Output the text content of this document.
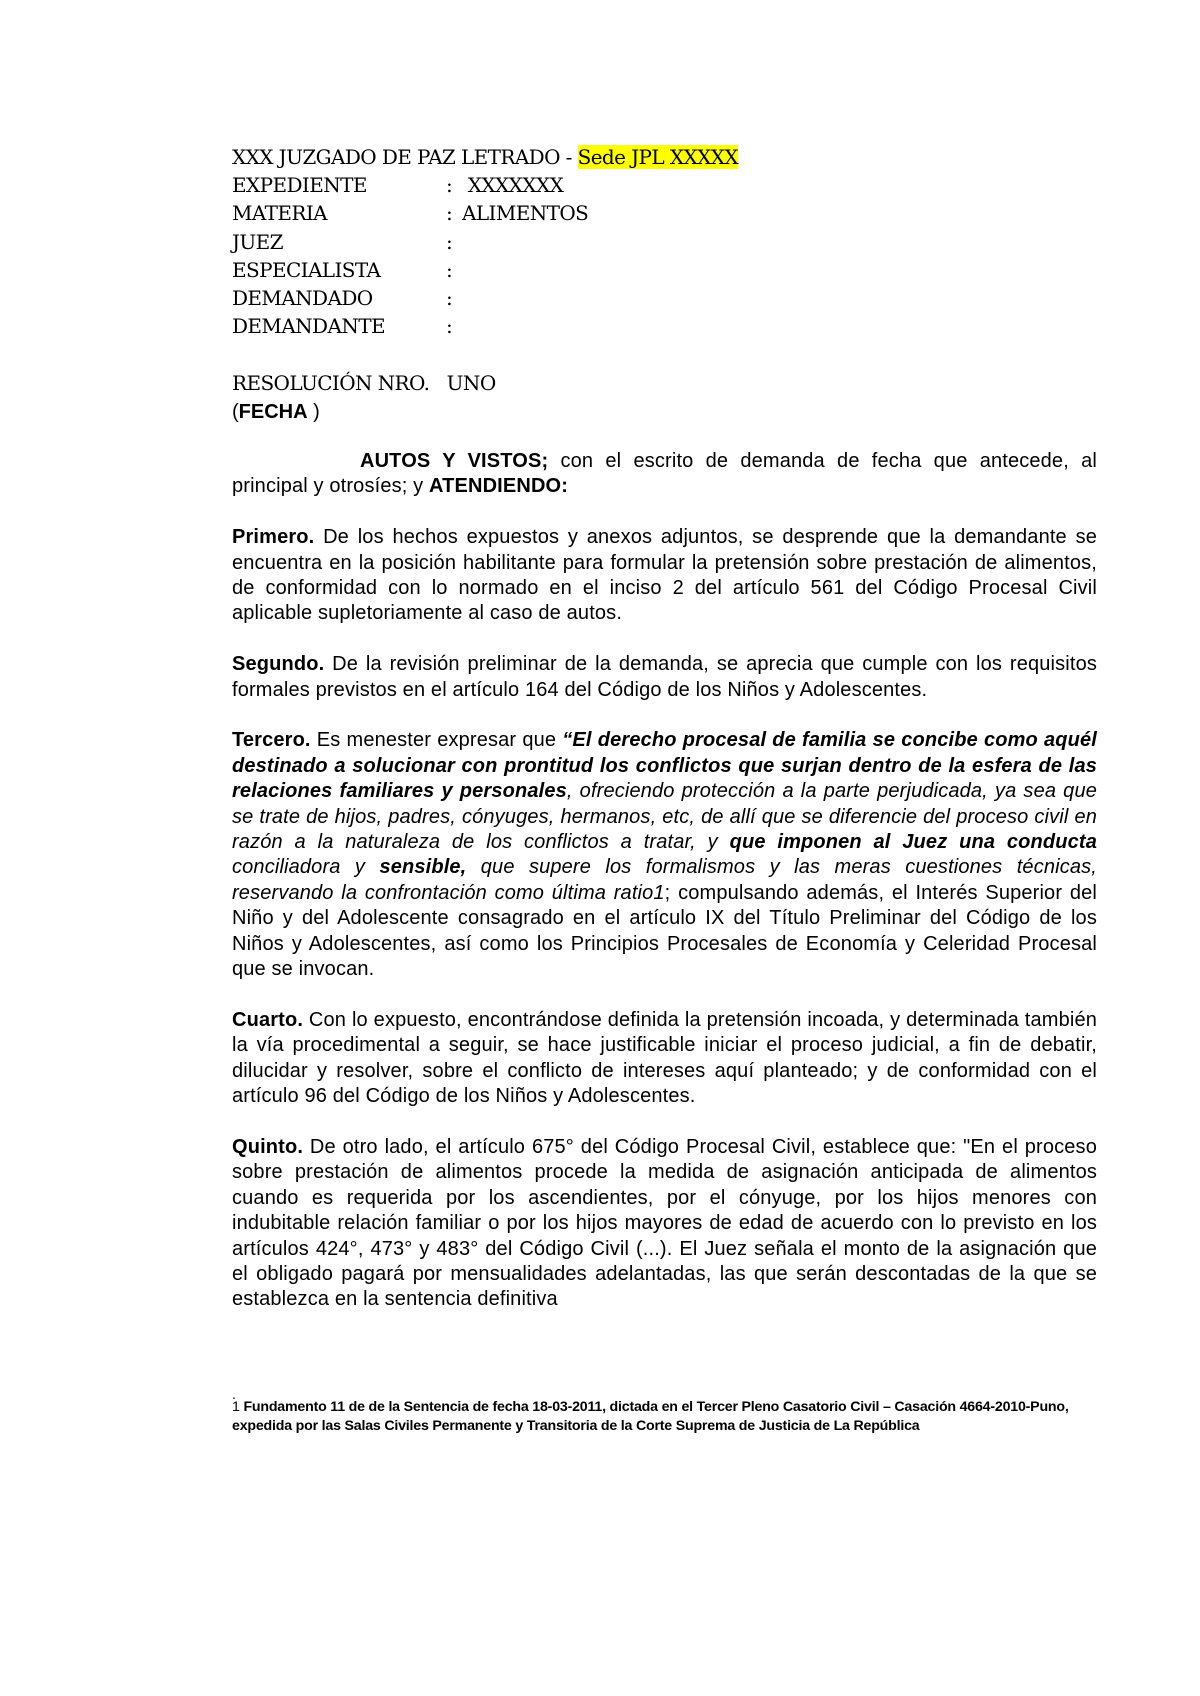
XXX JUZGADO DE PAZ LETRADO - Sede JPL XXXXX
EXPEDIENTE	: XXXXXXX
MATERIA	: ALIMENTOS
JUEZ	:
ESPECIALISTA	:
DEMANDADO	:
DEMANDANTE	:
RESOLUCIÓN NRO.   UNO
(FECHA )

AUTOS Y VISTOS; con el escrito de demanda de fecha que antecede, al principal y otrosíes; y ATENDIENDO:

Primero. De los hechos expuestos y anexos adjuntos, se desprende que la demandante se encuentra en la posición habilitante para formular la pretensión sobre prestación de alimentos, de conformidad con lo normado en el inciso 2 del artículo 561 del Código Procesal Civil aplicable supletoriamente al caso de autos.

Segundo. De la revisión preliminar de la demanda, se aprecia que cumple con los requisitos formales previstos en el artículo 164 del Código de los Niños y Adolescentes.

Tercero. Es menester expresar que “El derecho procesal de familia se concibe como aquél destinado a solucionar con prontitud los conflictos que surjan dentro de la esfera de las relaciones familiares y personales, ofreciendo protección a la parte perjudicada, ya sea que se trate de hijos, padres, cónyuges, hermanos, etc, de allí que se diferencie del proceso civil en razón a la naturaleza de los conflictos a tratar, y que imponen al Juez una conducta conciliadora y sensible, que supere los formalismos y las meras cuestiones técnicas, reservando la confrontación como última ratio1; compulsando además, el Interés Superior del Niño y del Adolescente consagrado en el artículo IX del Título Preliminar del Código de los Niños y Adolescentes, así como los Principios Procesales de Economía y Celeridad Procesal que se invocan.

Cuarto. Con lo expuesto, encontrándose definida la pretensión incoada, y determinada también la vía procedimental a seguir, se hace justificable iniciar el proceso judicial, a fin de debatir, dilucidar y resolver, sobre el conflicto de intereses aquí planteado; y de conformidad con el artículo 96 del Código de los Niños y Adolescentes.

Quinto. De otro lado, el artículo 675° del Código Procesal Civil, establece que: "En el proceso sobre prestación de alimentos procede la medida de asignación anticipada de alimentos cuando es requerida por los ascendientes, por el cónyuge, por los hijos menores con indubitable relación familiar o por los hijos mayores de edad de acuerdo con lo previsto en los artículos 424°, 473° y 483° del Código Civil (...). El Juez señala el monto de la asignación que el obligado pagará por mensualidades adelantadas, las que serán descontadas de la que se establezca en la sentencia definitiva

.
1 Fundamento 11 de de la Sentencia de fecha 18-03-2011, dictada en el Tercer Pleno Casatorio Civil – Casación 4664-2010-Puno, expedida por las Salas Civiles Permanente y Transitoria de la Corte Suprema de Justicia de La República
